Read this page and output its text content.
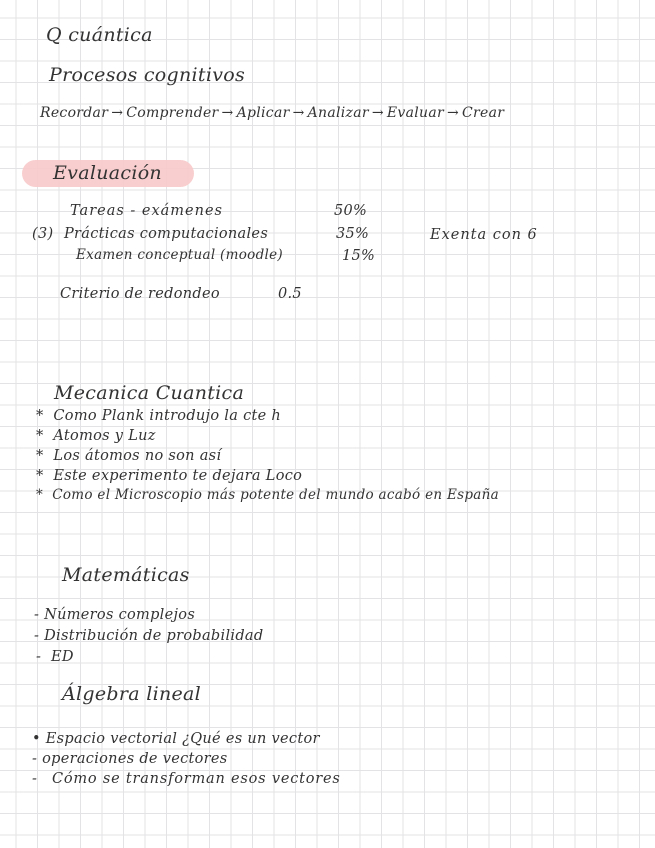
Q cuántica
Procesos cognitivos
Recordar → Comprender → Aplicar → Analizar → Evaluar → Crear
Evaluación
Tareas - exámenes	50%
(3) Prácticas computacionales	35%	Exenta con 6
Examen conceptual (moodle)	15%
Criterio de redondeo	0.5
Mecanica Cuantica
* Como Plank introdujo la cte h
* Atomos y Luz
* Los átomos no son así
* Este experimento te dejara Loco
* Como el Microscopio más potente del mundo acabó en España
Matemáticas
- Números complejos
- Distribución de probabilidad
- ED
Álgebra lineal
• Espacio vectorial ¿Qué es un vector
- operaciones de vectores
- Cómo se transforman esos vectores
